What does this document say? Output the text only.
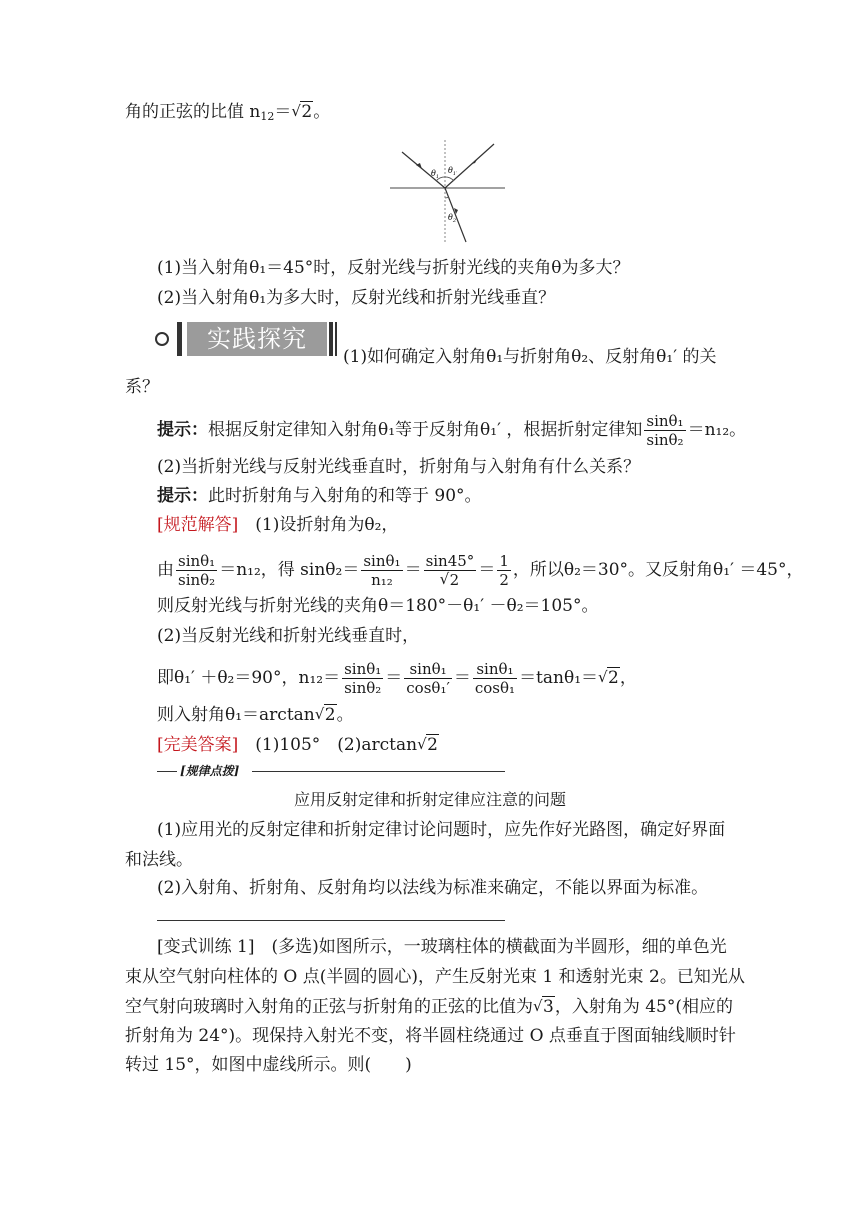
角的正弦的比值 $n_{12}=√$ 2。
$\theta_1$
$\theta_{1'}$
$\theta_2$
(1)当入射角θ₁＝45°时，反射光线与折射光线的夹角θ为多大？
(2)当入射角θ₁为多大时，反射光线和折射光线垂直？
实践探究
(1)如何确定入射角θ₁与折射角θ₂、反射角θ₁′ 的关
系？
提示：根据反射定律知入射角θ₁等于反射角θ₁′ ，根据折射定律知 $\frac{\text{sinθ₁}}{\text{sinθ₂}} =n_{12}$。
(2)当折射光线与反射光线垂直时，折射角与入射角有什么关系？
提示：此时折射角与入射角的和等于 90°。
[规范解答]　 (1)设折射角为θ₂，
由 $\frac{\text{sinθ₁}}{\text{sinθ₂}} =n_{12}$，得 $\sin\theta_2= \frac{\text{sinθ₁}}{\text{n₁₂}} = \sin 45^\circ$
√ $2 = \frac{1}{2}$ ，所以θ₂＝30°。又反射角θ₁′ ＝45°，
则反射光线与折射光线的夹角θ＝180°－θ₁′ －θ₂＝105°。
(2)当反射光线和折射光线垂直时，
即θ₁′ ＋θ₂＝90°，$n_{12}= \frac{\text{sinθ₁}}{\text{sinθ₂}} = \frac{\text{sinθ₁}}{\text{cosθ₁′}} = \frac{\text{sinθ₁}}{\text{cosθ₁}} =\tan\theta_1=√$ 2，
则入射角θ₁＝arctan√ 2。
[完美答案]　 (1)105°　(2)arctan√ 2
[规律点拨]
应用反射定律和折射定律应注意的问题
(1)应用光的反射定律和折射定律讨论问题时，应先作好光路图，确定好界面
和法线。
(2)入射角、折射角、反射角均以法线为标准来确定，不能以界面为标准。
[变式训练 1]　 (多选)如图所示，一玻璃柱体的横截面为半圆形，细的单色光
束从空气射向柱体的 O 点(半圆的圆心)，产生反射光束 1 和透射光束 2。已知光从
空气射向玻璃时入射角的正弦与折射角的正弦的比值为√ 3，入射角为 45°(相应的
折射角为 24°)。现保持入射光不变，将半圆柱绕通过 O 点垂直于图面轴线顺时针
转过 15°，如图中虚线所示。则(　　)
